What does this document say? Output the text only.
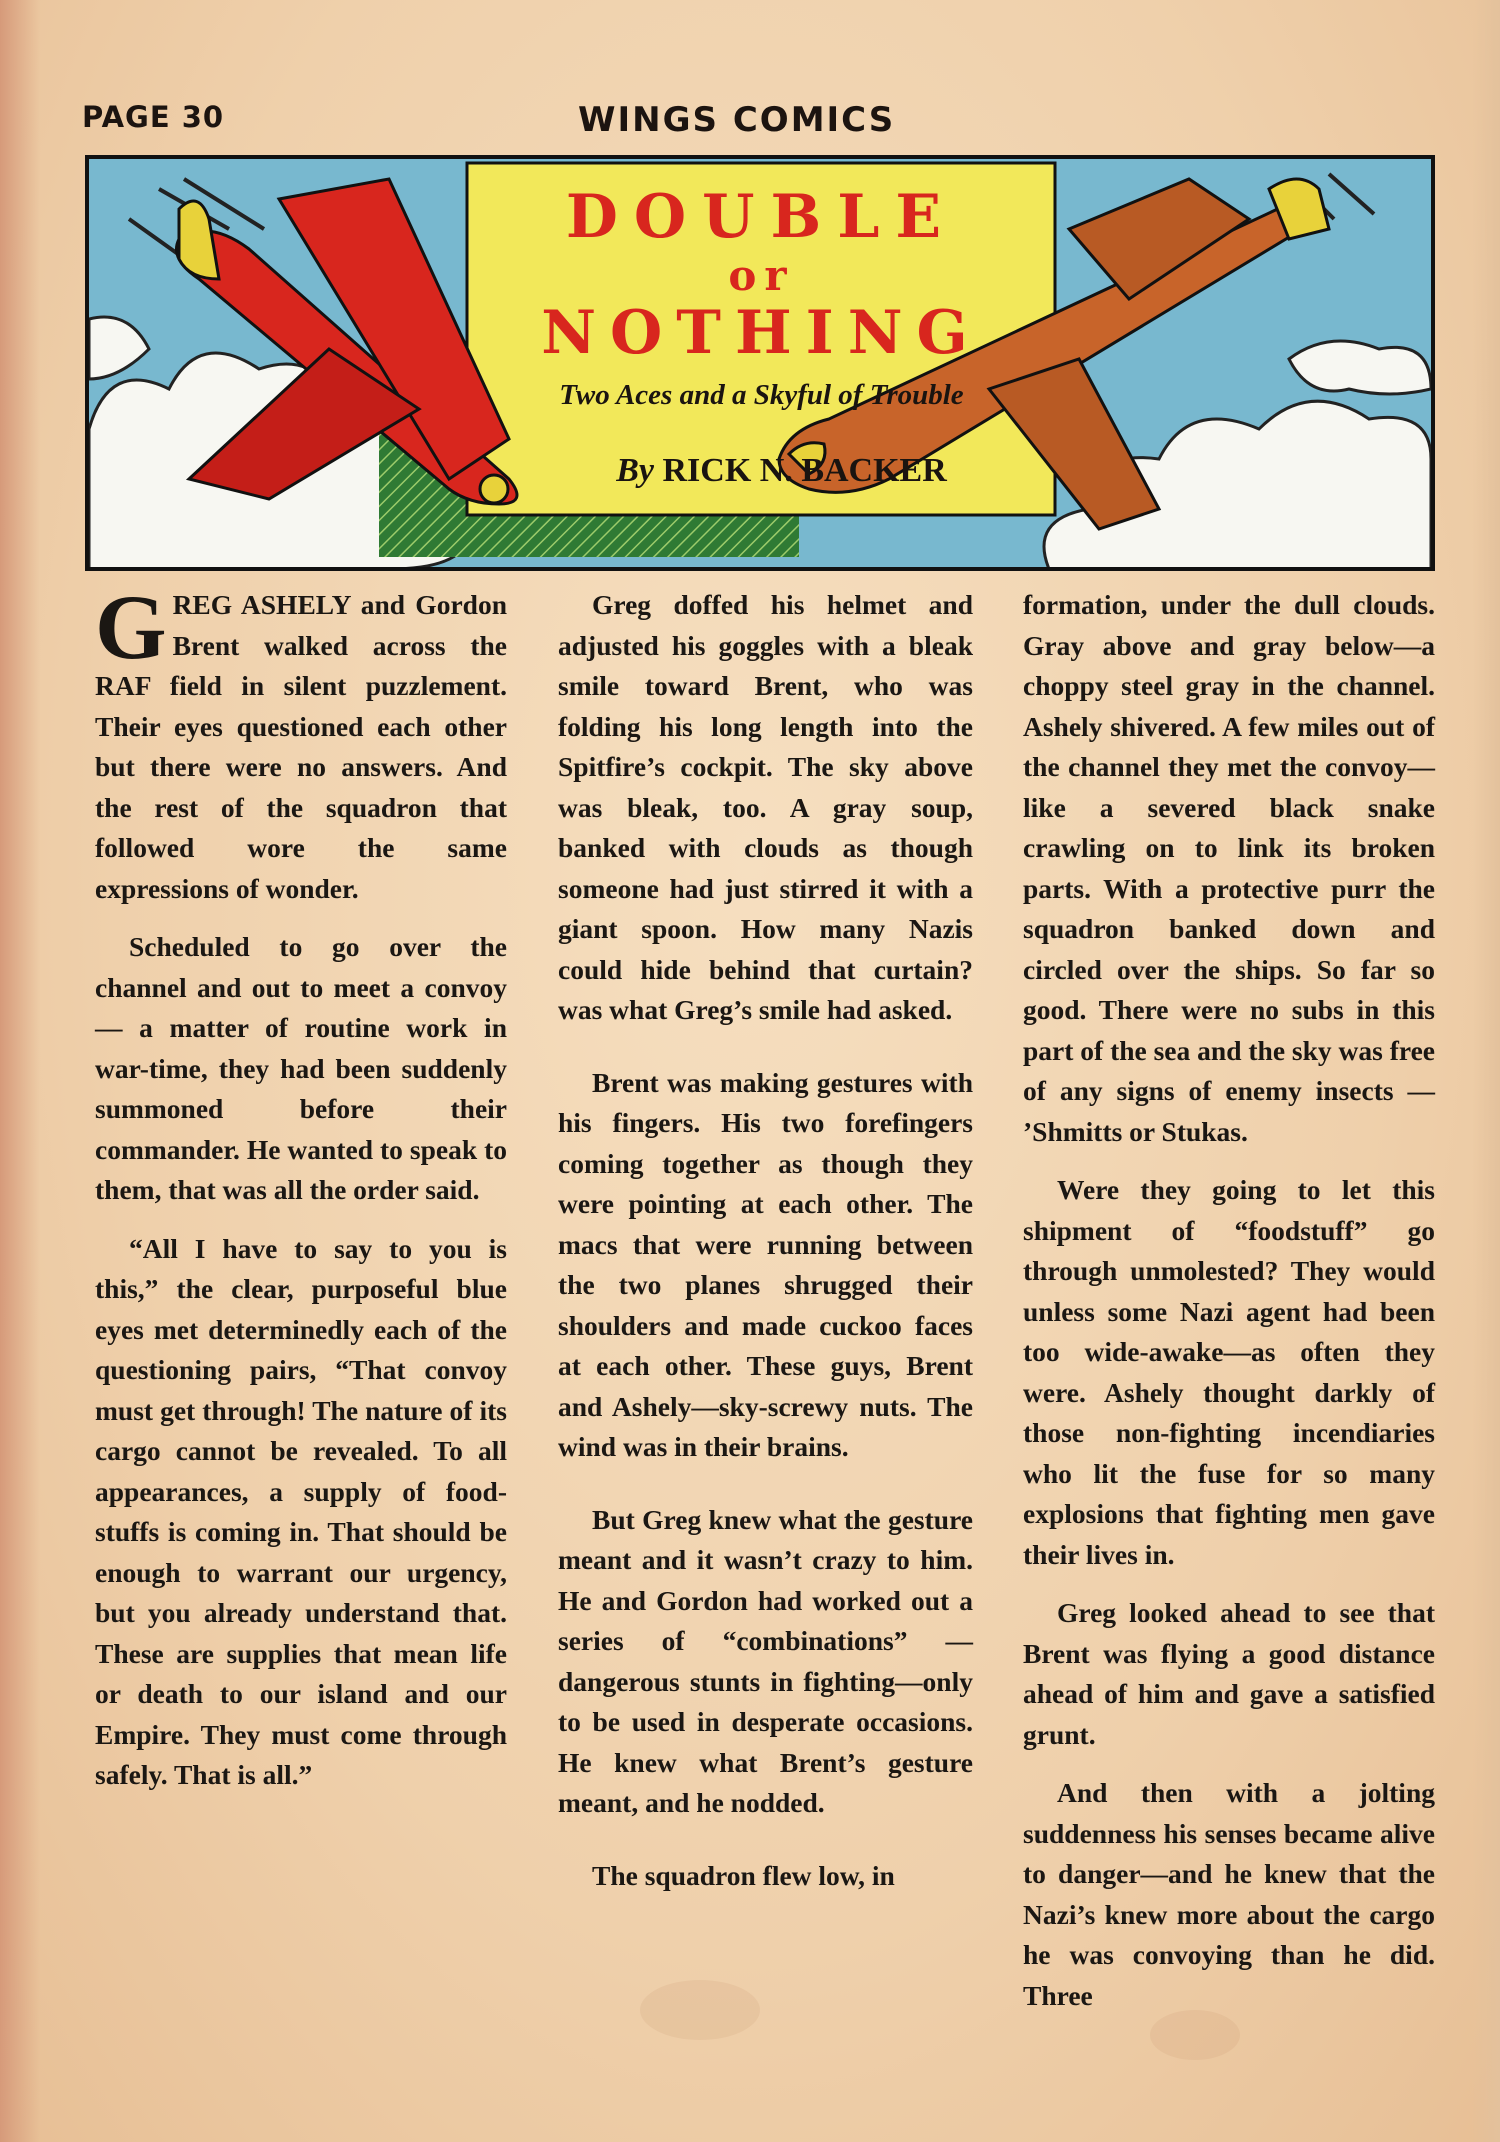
PAGE 30	WINGS COMICS
DOUBLE
or
NOTHING
Two Aces and a Skyful of Trouble
By RICK N. BACKER

GREG ASHELY and Gordon Brent walked across the RAF field in silent puzzlement. Their eyes questioned each other but there were no answers. And the rest of the squadron that followed wore the same expressions of wonder.

Scheduled to go over the channel and out to meet a convoy — a matter of routine work in war-time, they had been suddenly summoned before their commander. He wanted to speak to them, that was all the order said.

“All I have to say to you is this,” the clear, purposeful blue eyes met determinedly each of the questioning pairs, “That convoy must get through! The nature of its cargo cannot be revealed. To all appearances, a supply of food-stuffs is coming in. That should be enough to warrant our urgency, but you already understand that. These are supplies that mean life or death to our island and our Empire. They must come through safely. That is all.”

Greg doffed his helmet and adjusted his goggles with a bleak smile toward Brent, who was folding his long length into the Spitfire’s cockpit. The sky above was bleak, too. A gray soup, banked with clouds as though someone had just stirred it with a giant spoon. How many Nazis could hide behind that curtain? was what Greg’s smile had asked.

Brent was making gestures with his fingers. His two forefingers coming together as though they were pointing at each other. The macs that were running between the two planes shrugged their shoulders and made cuckoo faces at each other. These guys, Brent and Ashely—sky-screwy nuts. The wind was in their brains.

But Greg knew what the gesture meant and it wasn’t crazy to him. He and Gordon had worked out a series of “combinations” — dangerous stunts in fighting—only to be used in desperate occasions. He knew what Brent’s gesture meant, and he nodded.

The squadron flew low, in

formation, under the dull clouds. Gray above and gray below—a choppy steel gray in the channel. Ashely shivered. A few miles out of the channel they met the convoy—like a severed black snake crawling on to link its broken parts. With a protective purr the squadron banked down and circled over the ships. So far so good. There were no subs in this part of the sea and the sky was free of any signs of enemy insects — ’Shmitts or Stukas.

Were they going to let this shipment of “foodstuff” go through unmolested? They would unless some Nazi agent had been too wide-awake—as often they were. Ashely thought darkly of those non-fighting incendiaries who lit the fuse for so many explosions that fighting men gave their lives in.

Greg looked ahead to see that Brent was flying a good distance ahead of him and gave a satisfied grunt.

And then with a jolting suddenness his senses became alive to danger—and he knew that the Nazi’s knew more about the cargo he was convoying than he did. Three
